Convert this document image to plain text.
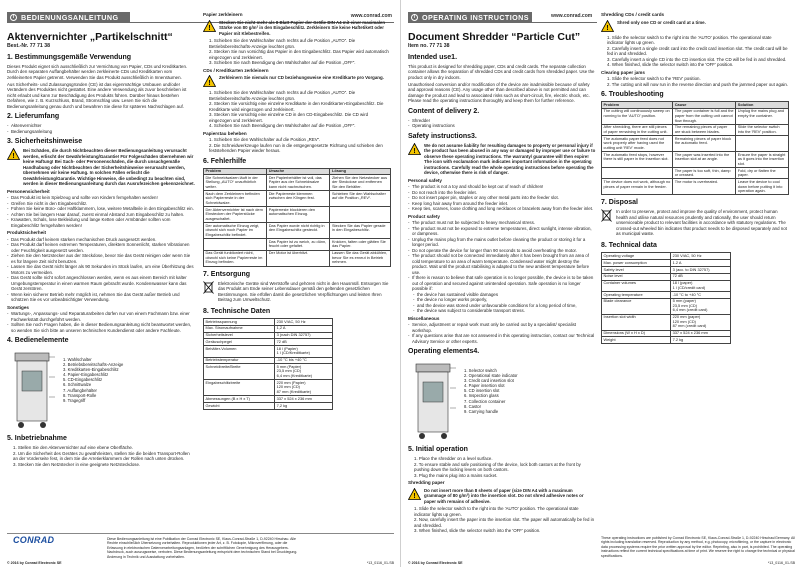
i BEDIENUNGSANLEITUNG	www.conrad.com
Aktenvernichter „Partikelschnitt“
Best.-Nr. 77 71 38
1. Bestimmungsgemäße Verwendung

Dieses Produkt eignet sich ausschließlich zur Vernichtung von Papier, CDs und Kreditkarten. Durch den separaten Auffangbehälter werden zerkleinerte CDs und Kreditkarten vom zerkleinerten Papier getrennt. Verwenden Sie das Produkt ausschließlich in Innenräumen.

Aus Sicherheits- und Zulassungsgründen (CE) ist das eigenmächtige Umbauen und/oder Verändern des Produktes nicht gestattet. Eine andere Verwendung als zuvor beschrieben ist nicht erlaubt und kann zur Beschädigung des Produkts führen. Darüber hinaus bestehen Gefahren, wie z. B. Kurzschluss, Brand, Stromschlag usw. Lesen Sie sich die Bedienungsanleitung genau durch und bewahren Sie diese für späteres Nachschlagen auf.

2. Lieferumfang
- Aktenvernichter
- Bedienungsanleitung
3. Sicherheitshinweise
!
Bei Schäden, die durch Nichtbeachten dieser Bedienungsanleitung verursacht werden, erlischt der Gewährleistung/Garantie! Für Folgeschäden übernehmen wir keine Haftung! Bei Sach- oder Personenschäden, die durch unsachgemäße Handhabung oder Nichtbeachten der Sicherheitshinweise verursacht werden, übernehmen wir keine Haftung. In solchen Fällen erlischt die Gewährleistung/Garantie. Wichtige Hinweise, die unbedingt zu beachten sind, werden in dieser Bedienungsanleitung durch das Ausrufezeichen gekennzeichnet.
Personensicherheit
- Das Produkt ist kein Spielzeug und sollte von Kindern ferngehalten werden!
- Greifen Sie nicht in den Eingabeschlitz.
- Führen Sie keine Büro- oder Haftklammern, lose, weitere Metallteile in den Eingabeschlitz ein.
- Achten Sie bei langem Haar darauf, zuerst einmal Abstand zum Eingabeschlitz zu halten.
- Krawatten, Schals, lose Bekleidung und lange Ketten oder Armbänder sollten vom Eingabeschlitz ferngehalten werden!
Produktsicherheit
- Das Produkt darf keinem starken mechanischen Druck ausgesetzt werden.
- Das Produkt darf keinen extremen Temperaturen, direktem Sonnenlicht, starken Vibrationen oder Feuchtigkeit ausgesetzt werden.
- Ziehen Sie den Netzstecker aus der Steckdose, bevor Sie das Gerät reinigen oder wenn Sie es für längere Zeit nicht benutzen.
- Lassen Sie das Gerät nicht länger als 90 Sekunden im Stück laufen, um eine Überhitzung des Motors zu vermeiden.
- Das Gerät sollte nicht sofort angeschlossen werden, wenn es aus einem Bereich mit kalter Umgebungstemperatur in einen warmen Raum gebracht wurde. Kondenswasser kann das Gerät zerstören.
- Wenn kein sicherer Betrieb mehr möglich ist, nehmen Sie das Gerät außer Betrieb und schützen Sie es vor unbeabsichtigter Verwendung.
Sonstiges
- Wartungs-, Anpassungs- und Reparaturarbeiten dürfen nur von einem Fachmann bzw. einer Fachwerkstatt durchgeführt werden.
- Sollten Sie noch Fragen haben, die in dieser Bedienungsanleitung nicht beantwortet werden, so wenden Sie sich bitte an unseren technischen Kundendienst oder andere Fachleute.
4. Bedienelemente
1. Wahlschalter
2. Betriebsbereitschafts-Anzeige
3. Kreditkarten-Eingabeschlitz
4. Papier-Eingabeschlitz
5. CD-Eingabeschlitz
6. Schnittwalze
7. Auffangbehälter
8. Transport-Rolle
9. Tragegriff
5. Inbetriebnahme
1. Stellen Sie den Aktenvernichter auf eine ebene Oberfläche.
2. Um die Sicherheit des Gerätes zu gewährleisten, stellen Sie die beiden Transport-Rollen an der Vorderseite fest, in dem Sie die Arretierklammern der Rollen nach unten drücken.
3. Stecken Sie den Netzstecker in eine geeignete Netzsteckdose.
Papier zerkleinern
!
Stecken Sie nicht mehr als 8 Blatt Papier der Größe DIN A4 mit einer maximalen Stärke von 80 g/m² in den Eingabeschlitz. Zerkleinern Sie keine Haftetikett oder Papier mit Klebestreifen.
1. Schieben Sie den Wahlschalter nach rechts auf die Position „AUTO“. Die Betriebsbereitschafts-Anzeige leuchtet grün.
2. Stecken Sie nun vorsichtig das Papier in den Eingabeschlitz. Das Papier wird automatisch eingezogen und zerkleinert.
3. Schieben Sie nach Beendigung den Wahlschalter auf die Position „OFF“.
CDs / Kreditkarten zerkleinern
!
Zerkleinern Sie niemals nur CD beziehungsweise eine Kreditkarte pro Vorgang.
1. Schieben Sie den Wahlschalter nach rechts auf die Position „AUTO“. Die Betriebsbereitschafts-Anzeige leuchtet grün.
2. Stecken Sie vorsichtig eine einzelne Kreditkarte in den Kreditkarten-Eingabeschlitz. Die Kreditkarte wird eingezogen und zerkleinert.
3. Stecken Sie vorsichtig eine einzelne CD in den CD-Eingabeschlitz. Die CD wird eingezogen und zerkleinert.
4. Schieben Sie nach Beendigung den Wahlschalter auf die Position „OFF“.
Papierstau beheben
1. Schieben Sie den Wahlschalter auf die Position „REV“.
2. Die Schneidwerkzeuge laufen nun in die entgegengesetzte Richtung und schieben den feststehenden Papier wieder heraus.
6. Fehlerhilfe
Problem	Ursache	Lösung
Die Schneidwalzen läuft in der Stellung „AUTO“ unaufhörlich weiter.	Der Papierbehälter ist voll, das Papier aus der Schneidwalze kann nicht nachrutschen.	Ziehen Sie den Netzstecker aus der Steckdose und entfernen Sie den Behälter.
Nach dem Zerkleinern befinden sich Papierreste in der Schneidwalze.	Die Papierreste klemmen zwischen den Klingen fest.	Schieben Sie den Wahlschalter auf die Position „REV“.
Der Aktenvernichter ist nach dem Einstecken der Papierstücke ausgeschaltet.	Papierreste blockieren den automatischen Einzug.	
Der automatische Einzug zeigt, obwohl sich noch Papier im Eingabeschlitz befindet.	Das Papier wurde nicht richtig in den Eingabeschlitz gesteckt.	Stecken Sie das Papier gerade in den Eingabeschlitz.
	Das Papier ist zu weich, zu dünn, feucht oder gefaltet.	Knicken, falten oder glätten Sie das Papier.
Das Gerät funktioniert nicht, obwohl sich keine Papierreste im Einzug befinden.	Der Motor ist überhitzt.	Lassen Sie das Gerät abkühlen, bevor Sie es erneut in Betrieb nehmen.
7. Entsorgung

Elektronische Geräte sind Wertstoffe und gehören nicht in den Hausmüll. Entsorgen Sie das Produkt am Ende seiner Lebensdauer gemäß den geltenden gesetzlichen Bestimmungen. Sie erfüllen damit die gesetzlichen Verpflichtungen und leisten Ihren Beitrag zum Umweltschutz.

8. Technische Daten
Betriebsspannung	230 V/AC, 50 Hz
Max. Stromaufnahme	1,2 A
Sicherheitslevel	3 (nach DIN 32757)
Geräuschpegel	72 dB
Behälter-Volumen	18 l (Papier)
1 l (CD/Kreditkarte)
Betriebstemperatur	-10 °C bis +40 °C
Schneidbreite/Breite	5 mm (Papier)
23,5 mm (CD)
6,4 mm (Kreditkarte)
Eingabeschlitzbreite	220 mm (Papier)
120 mm (CD)
87 mm (Kreditkarte)
Abmessungen (B x H x T)	337 x 524 x 236 mm
Gewicht	7,2 kg
CONRAD	Diese Bedienungsanleitung ist eine Publikation der Conrad Electronic SE, Klaus-Conrad-Straße 1, D-92240 Hirschau. Alle Rechte einschließlich Übersetzung vorbehalten. Reproduktionen jeder Art, z. B. Fotokopie, Mikroverfilmung, oder die Erfassung in elektronischen Datenverarbeitungsanlagen, bedürfen der schriftlichen Genehmigung des Herausgebers. Nachdruck, auch auszugsweise, verboten. Diese Bedienungsanleitung entspricht dem technischen Stand bei Drucklegung. Änderung in Technik und Ausstattung vorbehalten.
© 2016 by Conrad Electronic SE	*13_0116_01-SB
i OPERATING INSTRUCTIONS	www.conrad.com
Document Shredder “Particle Cut”
Item no. 77 71 38
Intended use1.

This product is designed for shredding paper, CDs and credit cards. The separate collection container allows the separation of shredded CDs and credit cards from shredded paper. Use the product only in dry indoors.

Unauthorised conversion and/or modification of the device are inadmissible because of safety and approval reasons (CE). Any usage other than described above is not permitted and can damage the product and lead to associated risks such as short-circuit, fire, electric shock, etc. Please read the operating instructions thoroughly and keep them for further reference.

Content of delivery 2.
- Shredder
- Operating instructions
Safety instructions3.
!
We do not assume liability for resulting damages to property or personal injury if the product has been abused in any way or damaged by improper use or failure to observe these operating instructions. The warranty/ guarantee will then expire! The icon with exclamation mark indicates important information in the operating instructions. Carefully read the whole operating instructions before operating the device, otherwise there is risk of danger.
Personal safety
- The product is not a toy and should be kept out of reach of children!
- Do not reach into the feeder inlet.
- Do not insert paper pin, staples or any other metal parts into the feeder slot.
- Keep long hair away from around the feeder inlet.
- Keep ties, scarves, loose clothing and long necklaces or bracelets away from the feeder inlet.
Product safety
- The product must not be subjected to heavy mechanical stress.
- The product must not be exposed to extreme temperatures, direct sunlight, intense vibration, or dampness.
- Unplug the mains plug from the mains outlet before cleaning the product or storing it for a longer period.
- Do not operate the device for longer than 90 seconds to avoid overheating the motor.
- The product should not be connected immediately after it has been brought from an area of cold temperature to an area of warm temperature. Condensed water might destroy the product. Wait until the product stabilising is adapted to the new ambient temperature before use.
- If there is reason to believe that safe operation is no longer possible, the device is to be taken out of operation and secured against unintended operation. Safe operation is no longer possible if:
- the device has sustained visible damages
- the device no longer works properly,
- and the device was stored under unfavourable conditions for a long period of time,
- the device was subject to considerable transport stress.
Miscellaneous
- Service, adjustment or repair work must only be carried out by a specialist/ specialist workshop.
- If any questions arise that are not answered in this operating instruction, contact our Technical Advisory Service or other experts.
Operating elements4.
1. Selector switch
2. Operational state indicator
3. Credit card insertion slot
4. Paper insertion slot
5. CD insertion slot
6. Inspection glass
7. Collection container
8. Castor
9. Carrying handle
5. Initial operation
1. Place the shredder on a level surface.
2. To ensure stable and safe positioning of the device, lock both castors at the front by pushing down the locking levers on both castors.
3. Plug the mains plug into a mains socket.
Shredding paper
!
Do not insert more than 8 sheets of paper (size DIN A4 with a maximum grammage of 80 g/m²) into the insertion slot. Do not shred adhesive notes or paper with remains of adhesive.
1. Slide the selector switch to the right into the 'AUTO' position. The operational state indicator lights up green.
2. Now, carefully insert the paper into the insertion slot. The paper will automatically be fed in and shredded.
3. When finished, slide the selector switch into the 'OFF' position.
Shredding CDs / credit cards
!
Shred only one CD or credit card at a time.
1. Slide the selector switch to the right into the 'AUTO' position. The operational state indicator lights up green.
2. Carefully insert a single credit card into the credit card insertion slot. The credit card will be fed in and shredded.
3. Carefully insert a single CD into the CD insertion slot. The CD will be fed in and shredded.
4. When finished, slide the selector switch into the 'OFF' position.
Clearing paper jams
1. Slide the selector switch to the 'REV' position.
2. The cutting unit will now run in the reverse direction and push the jammed paper out again.
6. Troubleshooting
Problem	Cause	Solution
The cutting will continuously sweep on running to the 'AUTO' position.	The paper container is full and the paper from the cutting unit cannot flow through.	Unplug the mains plug and empty the container.
After shredding, there are still pieces of paper remaining in the cutting unit.	The remaining pieces of paper are stuck between blades.	Slide the selector switch into the 'REV' position.
The automatic paper feed does not work properly after having used the cutting unit 'REV' mode.	Remaining pieces of paper block the automatic feed.	
The automatic feed stops, however there is still paper in the insertion slot.	The paper was inserted into the insertion slot at an angle.	Ensure the paper is straight as it goes into the insertion slot.
	The paper is too soft, thin, damp or creased.	Fold, dry or flatten the paper.
The device does not work, although no pieces of paper remain in the feeder.	The motor is overheated.	Leave the device to cool down before putting it into operation again.
7. Disposal

In order to preserve, protect and improve the quality of environment, protect human health and utilise natural resources prudently and rationally, the user should return unserviceable product to relevant facilities in accordance with statutory regulations. The crossed-out wheeled bin indicates that product needs to be disposed separately and not as municipal waste.

8. Technical data
Operating voltage	230 V/AC, 50 Hz
Max. power consumption	1.2 A
Safety level	3 (acc. to DIN 32757)
Noise level	72 dB
Container volumes	18 l (paper)
1 l (CD/credit card)
Operating temperature	-10 °C to +40 °C
Blade clearance	5 mm (paper)
23,5 mm (CD)
6,4 mm (credit card)
Insertion slot width	220 mm (paper)
120 mm (CD)
87 mm (credit card)
Dimensions (W x H x D)	337 x 524 x 236 mm
Weight	7.2 kg
These operating instructions are published by Conrad Electronic SE, Klaus-Conrad-Straße 1, D-92240 Hirschau/Germany. All rights including translation reserved. Reproduction by any method, e.g. photocopy, microfilming, or the capture in electronic data processing systems require the prior written approval by the editor. Reprinting, also in part, is prohibited. The operating instructions reflect the current technical specifications at time of print. We reserve the right to change the technical or physical specifications.
© 2016 by Conrad Electronic SE	*13_0116_01-SB
